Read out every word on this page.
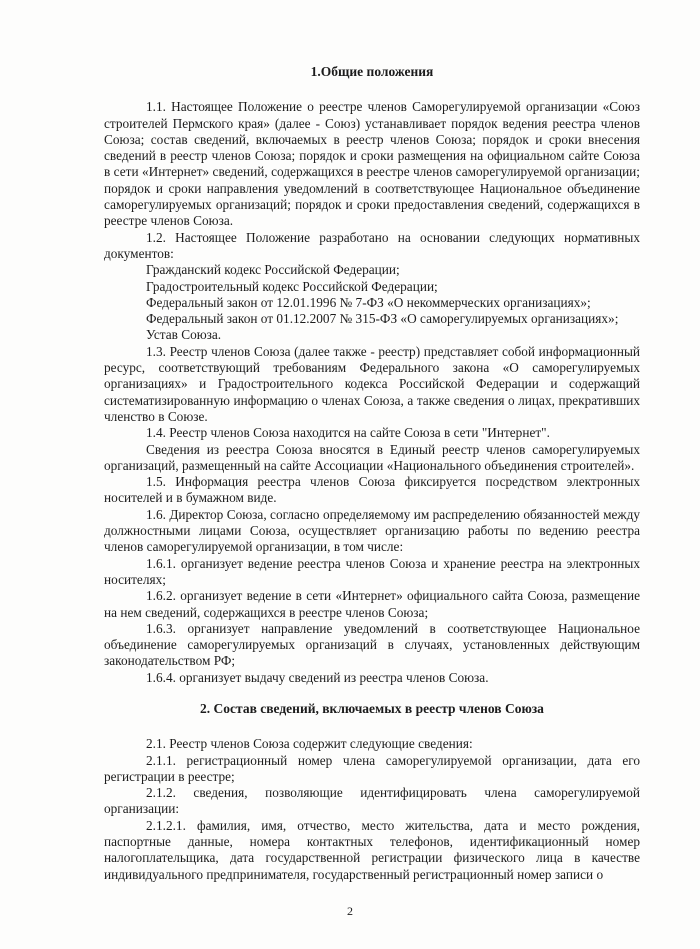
1.Общие положения

1.1. Настоящее Положение о реестре членов Саморегулируемой организации «Союз строителей Пермского края» (далее - Союз) устанавливает порядок ведения реестра членов Союза; состав сведений, включаемых в реестр членов Союза; порядок и сроки внесения сведений в реестр членов Союза; порядок и сроки размещения на официальном сайте Союза в сети «Интернет» сведений, содержащихся в реестре членов саморегулируемой организации; порядок и сроки направления уведомлений в соответствующее Национальное объединение саморегулируемых организаций; порядок и сроки предоставления сведений, содержащихся в реестре членов Союза.

1.2. Настоящее Положение разработано на основании следующих нормативных документов:

Гражданский кодекс Российской Федерации;

Градостроительный кодекс Российской Федерации;

Федеральный закон от 12.01.1996 № 7-ФЗ «О некоммерческих организациях»;

Федеральный закон от 01.12.2007 № 315-ФЗ «О саморегулируемых организациях»;

Устав Союза.

1.3. Реестр членов Союза (далее также - реестр) представляет собой информационный ресурс, соответствующий требованиям Федерального закона «О саморегулируемых организациях» и Градостроительного кодекса Российской Федерации и содержащий систематизированную информацию о членах Союза, а также сведения о лицах, прекративших членство в Союзе.

1.4. Реестр членов Союза находится на сайте Союза в сети "Интернет".

Сведения из реестра Союза вносятся в Единый реестр членов саморегулируемых организаций, размещенный на сайте Ассоциации «Национального объединения строителей».

1.5. Информация реестра членов Союза фиксируется посредством электронных носителей и в бумажном виде.

1.6. Директор Союза, согласно определяемому им распределению обязанностей между должностными лицами Союза, осуществляет организацию работы по ведению реестра членов саморегулируемой организации, в том числе:

1.6.1. организует ведение реестра членов Союза и хранение реестра на электронных носителях;

1.6.2. организует ведение в сети «Интернет» официального сайта Союза, размещение на нем сведений, содержащихся в реестре членов Союза;

1.6.3. организует направление уведомлений в соответствующее Национальное объединение саморегулируемых организаций в случаях, установленных действующим законодательством РФ;

1.6.4. организует выдачу сведений из реестра членов Союза.

2. Состав сведений, включаемых в реестр членов Союза

2.1. Реестр членов Союза содержит следующие сведения:

2.1.1. регистрационный номер члена саморегулируемой организации, дата его регистрации в реестре;

2.1.2. сведения, позволяющие идентифицировать члена саморегулируемой организации:

2.1.2.1. фамилия, имя, отчество, место жительства, дата и место рождения, паспортные данные, номера контактных телефонов, идентификационный номер налогоплательщика, дата государственной регистрации физического лица в качестве индивидуального предпринимателя, государственный регистрационный номер записи о

2
